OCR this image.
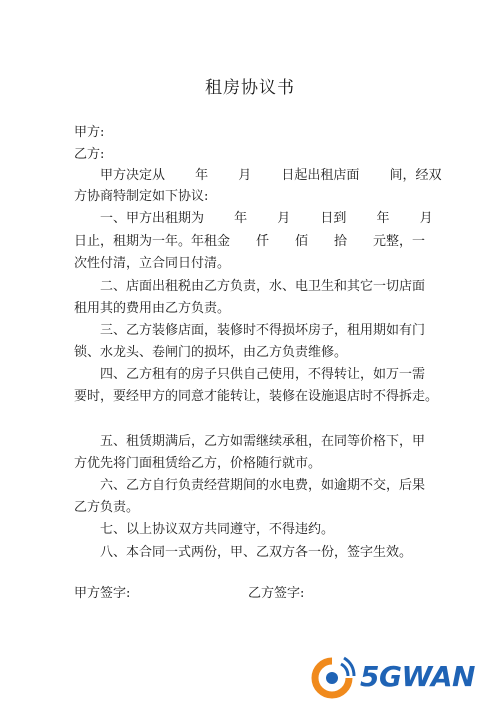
租房协议书
甲方:
乙方:
　　甲方决定从　　 年　　 月　　 日起出租店面　　 间，经双
方协商特制定如下协议:
　　一、甲方出租期为　　 年　　 月　　 日到　　 年　　 月
日止，租期为一年。年租金　　仟　　佰　　拾　　元整，一
次性付清，立合同日付清。
　　二、店面出租税由乙方负责，水、电卫生和其它一切店面
租用其的费用由乙方负责。
　　三、乙方装修店面，装修时不得损坏房子，租用期如有门
锁、水龙头、卷闸门的损坏，由乙方负责维修。
　　四、乙方租有的房子只供自己使用，不得转让，如万一需
要时，要经甲方的同意才能转让，装修在设施退店时不得拆走。
　　五、租赁期满后，乙方如需继续承租，在同等价格下，甲
方优先将门面租赁给乙方，价格随行就市。
　　六、乙方自行负责经营期间的水电费，如逾期不交，后果
乙方负责。
　　七、以上协议双方共同遵守，不得违约。
　　八、本合同一式两份，甲、乙双方各一份，签字生效。
甲方签字:	乙方签字:
5GWAN
